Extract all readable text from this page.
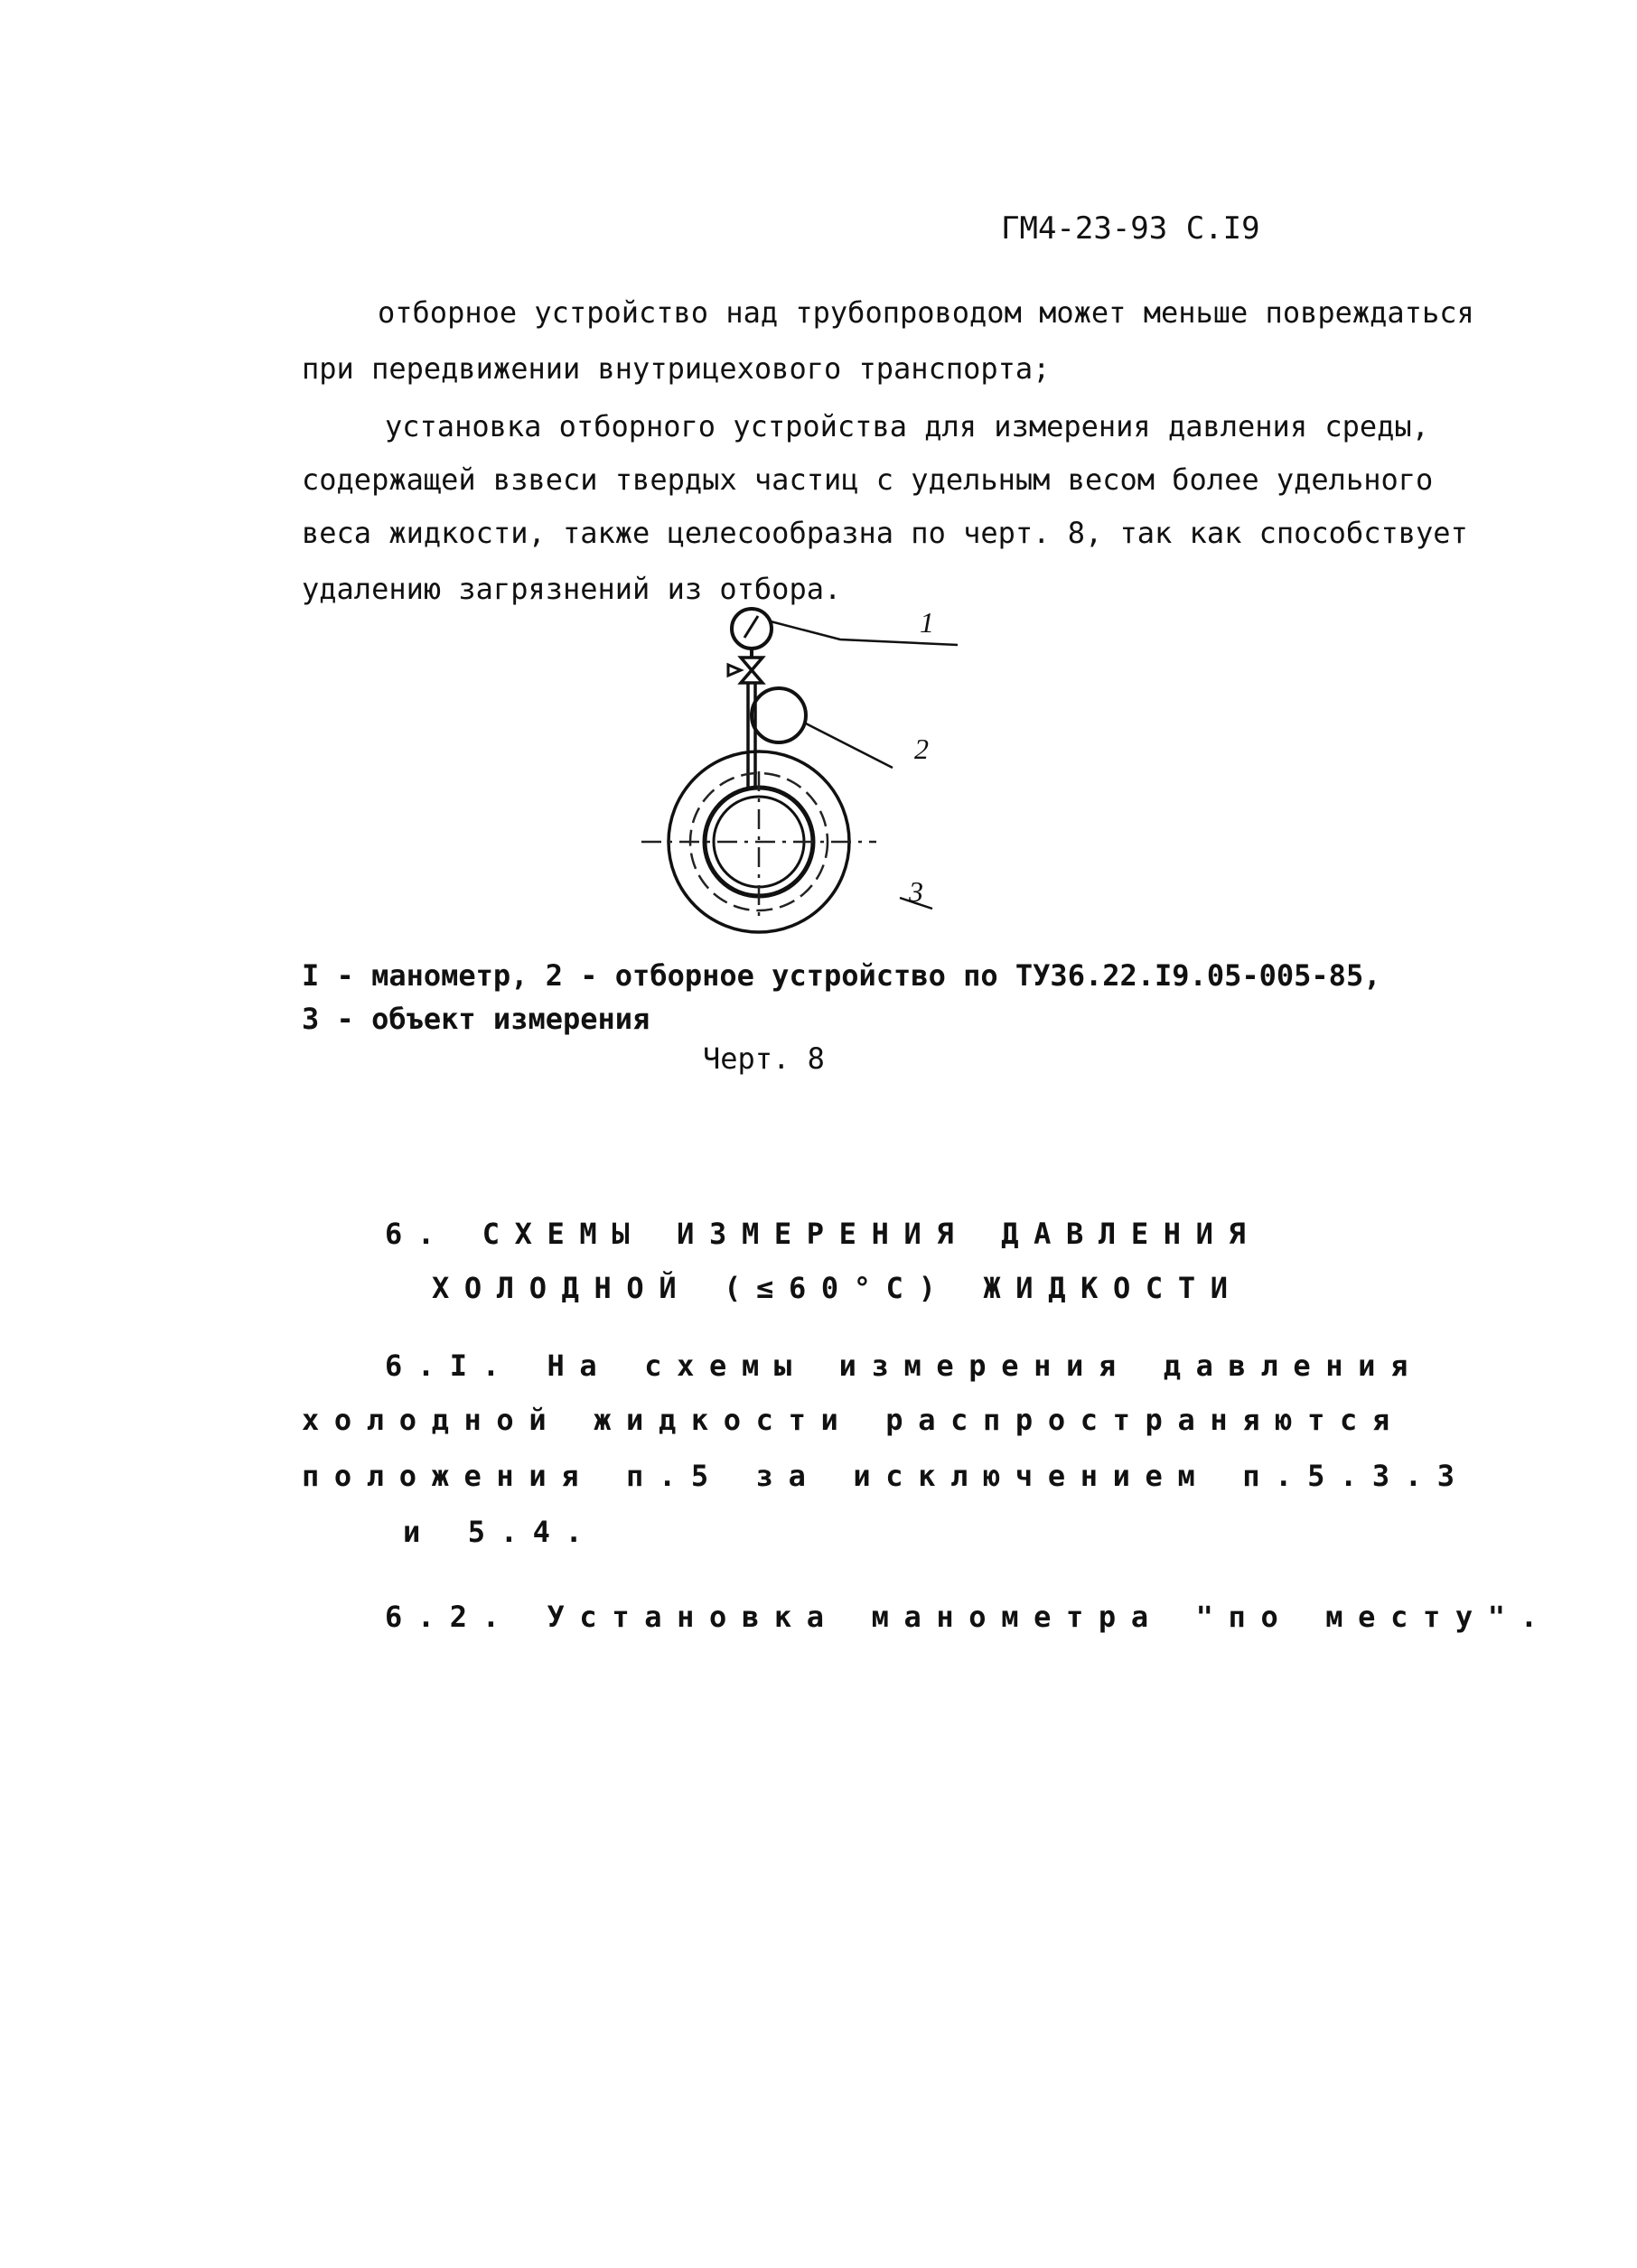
ГМ4-23-93 С.I9
отборное устройство над трубопроводом может меньше повреждаться
при передвижении внутрицехового транспорта;
установка отборного устройства для измерения давления среды,
содержащей взвеси твердых частиц с удельным весом более удельного
веса жидкости, также целесообразна по черт. 8, так как способствует
удалению загрязнений из отбора.
1
2
3
I - манометр, 2 - отборное устройство по ТУ36.22.I9.05-005-85,
3 - объект измерения
Черт. 8
6. СХЕМЫ ИЗМЕРЕНИЯ ДАВЛЕНИЯ
ХОЛОДНОЙ (≤60°С) ЖИДКОСТИ
6.I. На схемы измерения давления
холодной жидкости распространяются
положения п.5 за исключением п.5.3.3
и 5.4.
6.2. Установка манометра "по месту".
